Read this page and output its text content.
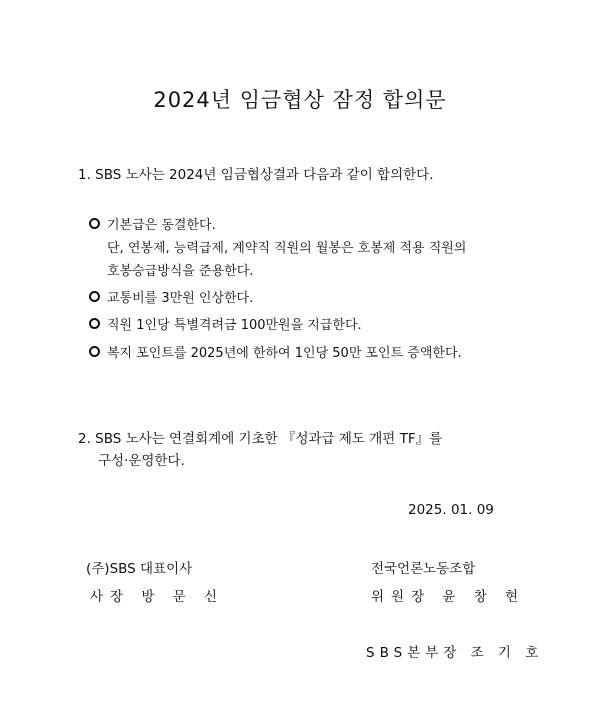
2024년 임금협상 잠정 합의문
1. SBS 노사는 2024년 임금협상결과 다음과 같이 합의한다.
기본급은 동결한다.
단, 연봉제, 능력급제, 계약직 직원의 월봉은 호봉제 적용 직원의
호봉승급방식을 준용한다.
교통비를 3만원 인상한다.
직원 1인당 특별격려금 100만원을 지급한다.
복지 포인트를 2025년에 한하여 1인당 50만 포인트 증액한다.
2. SBS 노사는 연결회계에 기초한 『성과급 제도 개편 TF』를
구성·운영한다.
2025. 01. 09
(주)SBS 대표이사
사장 방 문 신
전국언론노동조합
위원장 윤 창 현
SBS본부장 조 기 호
